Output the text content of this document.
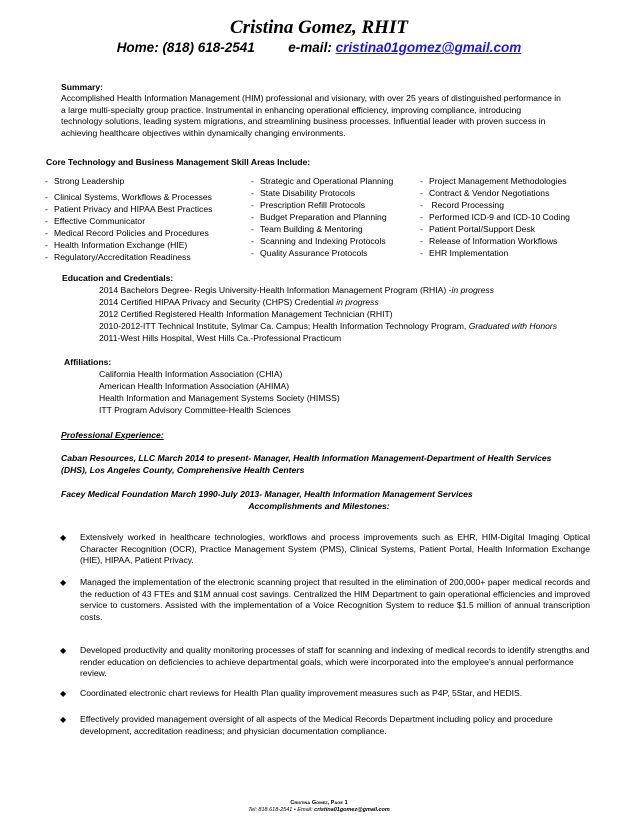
Cristina Gomez, RHIT
Home: (818) 618-2541 e-mail: cristina01gomez@gmail.com
Summary:
Accomplished Health Information Management (HIM) professional and visionary, with over 25 years of distinguished performance in a large multi-specialty group practice. Instrumental in enhancing operational efficiency, improving compliance, introducing technology solutions, leading system migrations, and streamlining business processes. Influential leader with proven success in achieving healthcare objectives within dynamically changing environments.
Core Technology and Business Management Skill Areas Include:
- Strong Leadership
- Clinical Systems, Workflows & Processes
- Patient Privacy and HIPAA Best Practices
- Effective Communicator
- Medical Record Policies and Procedures
- Health Information Exchange (HIE)
- Regulatory/Accreditation Readiness
- Strategic and Operational Planning
- State Disability Protocols
- Prescription Refill Protocols
- Budget Preparation and Planning
- Team Building & Mentoring
- Scanning and Indexing Protocols
- Quality Assurance Protocols
- Project Management Methodologies
- Contract & Vendor Negotiations
- Record Processing
- Performed ICD-9 and ICD-10 Coding
- Patient Portal/Support Desk
- Release of Information Workflows
- EHR Implementation
Education and Credentials:
2014 Bachelors Degree- Regis University-Health Information Management Program (RHIA) -in progress
2014 Certified HIPAA Privacy and Security (CHPS) Credential in progress
2012 Certified Registered Health Information Management Technician (RHIT)
2010-2012-ITT Technical Institute, Sylmar Ca. Campus; Health Information Technology Program, Graduated with Honors
2011-West Hills Hospital, West Hills Ca.-Professional Practicum
Affiliations:
California Health Information Association (CHIA)
American Health Information Association (AHIMA)
Health Information and Management Systems Society (HIMSS)
ITT Program Advisory Committee-Health Sciences
Professional Experience:
Caban Resources, LLC March 2014 to present- Manager, Health Information Management-Department of Health Services (DHS), Los Angeles County, Comprehensive Health Centers
Facey Medical Foundation March 1990-July 2013- Manager, Health Information Management Services
Accomplishments and Milestones:
◆ Extensively worked in healthcare technologies, workflows and process improvements such as EHR, HIM-Digital Imaging Optical Character Recognition (OCR), Practice Management System (PMS), Clinical Systems, Patient Portal, Health Information Exchange (HIE), HIPAA, Patient Privacy.
◆ Managed the implementation of the electronic scanning project that resulted in the elimination of 200,000+ paper medical records and the reduction of 43 FTEs and $1M annual cost savings. Centralized the HIM Department to gain operational efficiencies and improved service to customers. Assisted with the implementation of a Voice Recognition System to reduce $1.5 million of annual transcription costs.
◆ Developed productivity and quality monitoring processes of staff for scanning and indexing of medical records to identify strengths and render education on deficiencies to achieve departmental goals, which were incorporated into the employee’s annual performance review.
◆ Coordinated electronic chart reviews for Health Plan quality improvement measures such as P4P, 5Star, and HEDIS.
◆ Effectively provided management oversight of all aspects of the Medical Records Department including policy and procedure development, accreditation readiness; and physician documentation compliance.
Cristina Gomez, Page 1
Tel: 818.618-2541 • Email: cristina01gomez@gmail.com
